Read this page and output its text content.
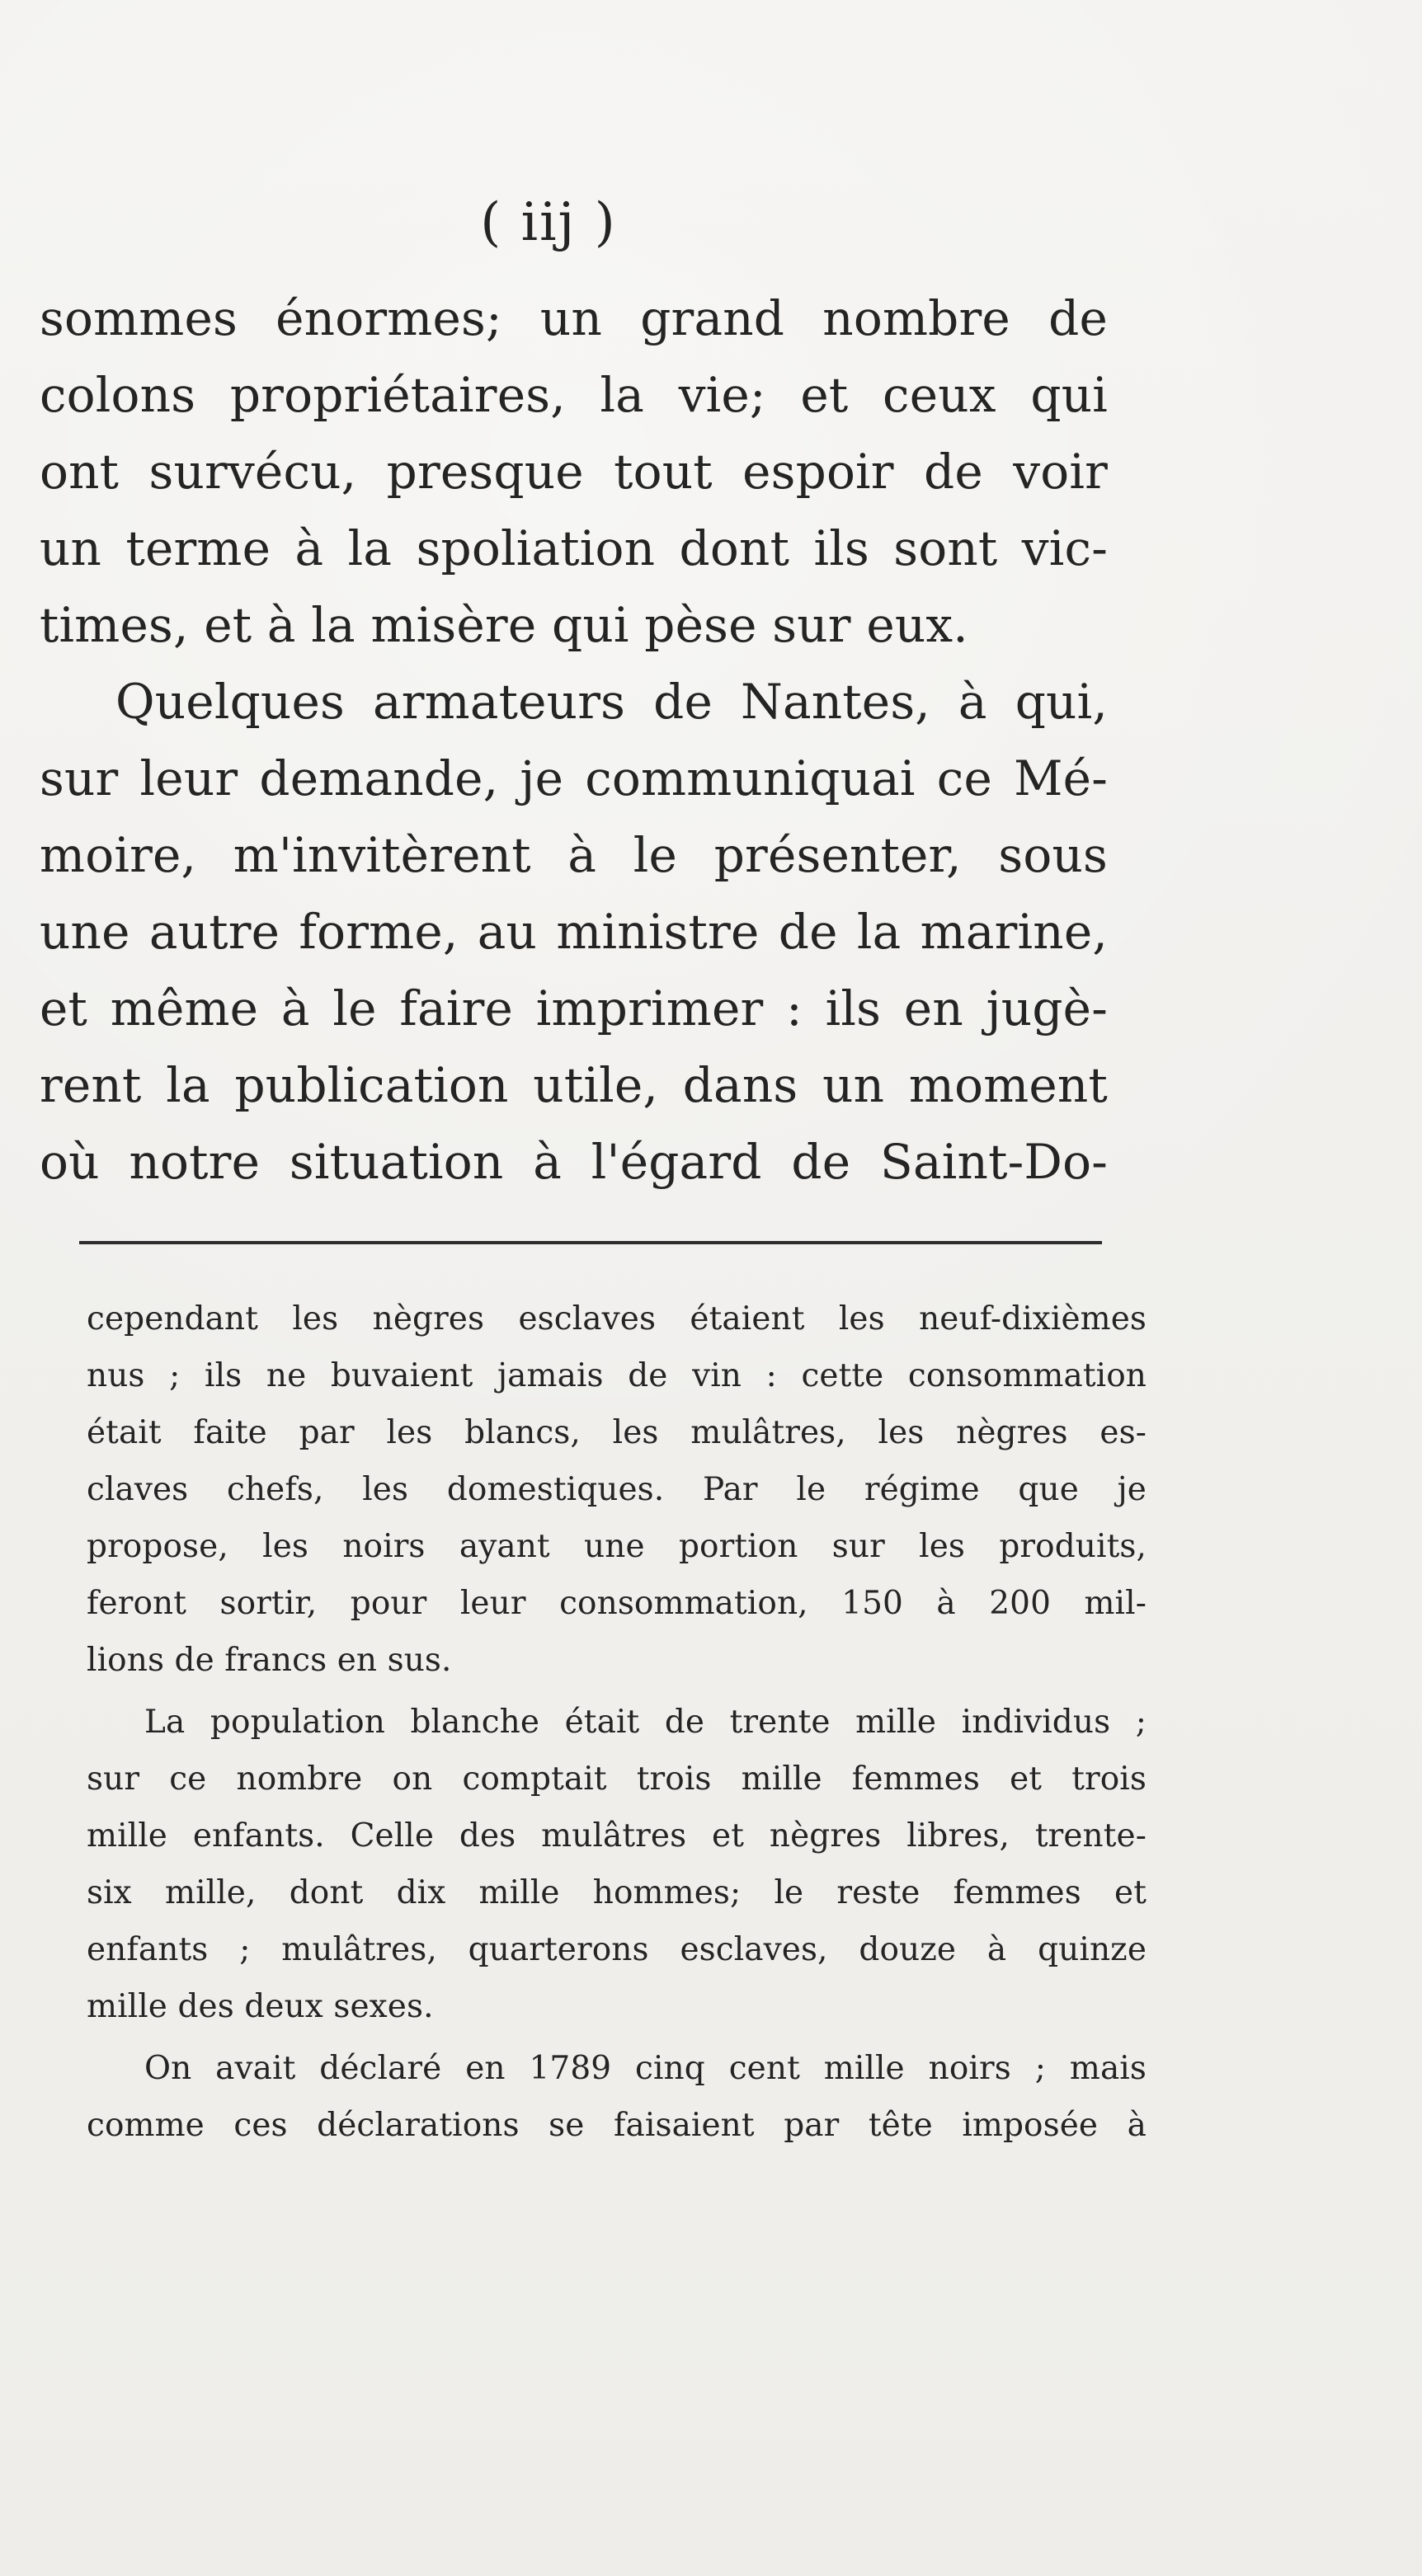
( iij )
sommes énormes; un grand nombre de
colons propriétaires, la vie; et ceux qui
ont survécu, presque tout espoir de voir
un terme à la spoliation dont ils sont vic-
times, et à la misère qui pèse sur eux.
Quelques armateurs de Nantes, à qui,
sur leur demande, je communiquai ce Mé-
moire, m'invitèrent à le présenter, sous
une autre forme, au ministre de la marine,
et même à le faire imprimer : ils en jugè-
rent la publication utile, dans un moment
où notre situation à l'égard de Saint-Do-
cependant les nègres esclaves étaient les neuf-dixièmes
nus ; ils ne buvaient jamais de vin : cette consommation
était faite par les blancs, les mulâtres, les nègres es-
claves chefs, les domestiques. Par le régime que je
propose, les noirs ayant une portion sur les produits,
feront sortir, pour leur consommation, 150 à 200 mil-
lions de francs en sus.
La population blanche était de trente mille individus ;
sur ce nombre on comptait trois mille femmes et trois
mille enfants. Celle des mulâtres et nègres libres, trente-
six mille, dont dix mille hommes; le reste femmes et
enfants ; mulâtres, quarterons esclaves, douze à quinze
mille des deux sexes.
On avait déclaré en 1789 cinq cent mille noirs ; mais
comme ces déclarations se faisaient par tête imposée à
